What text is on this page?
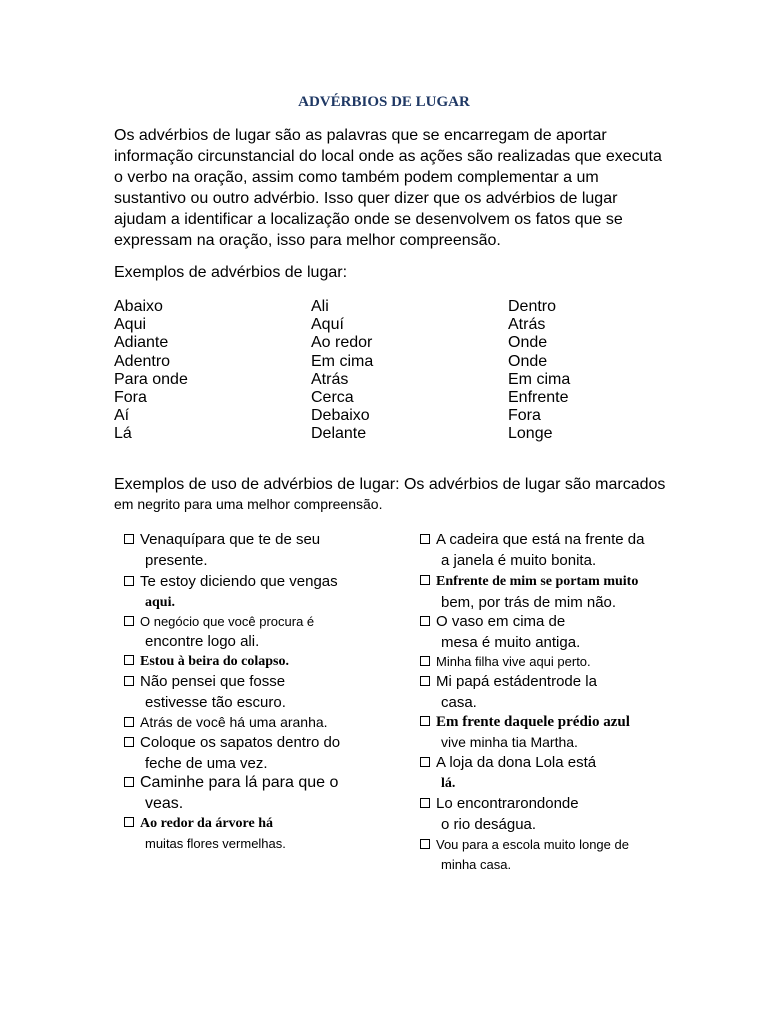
ADVÉRBIOS DE LUGAR
Os advérbios de lugar são as palavras que se encarregam de aportar informação circunstancial do local onde as ações são realizadas que executa o verbo na oração, assim como também podem complementar a um sustantivo ou outro advérbio. Isso quer dizer que os advérbios de lugar ajudam a identificar a localização onde se desenvolvem os fatos que se expressam na oração, isso para melhor compreensão.
Exemplos de advérbios de lugar:
Abaixo
Aqui
Adiante
Adentro
Para onde
Fora
Aí
Lá
Ali
Aquí
Ao redor
Em cima
Atrás
Cerca
Debaixo
Delante
Dentro
Atrás
Onde
Onde
Em cima
Enfrente
Fora
Longe
Exemplos de uso de advérbios de lugar: Os advérbios de lugar são marcados
em negrito para uma melhor compreensão.
Venaquípara que te de seu
presente.
Te estoy diciendo que vengas
aqui.
O negócio que você procura é
encontre logo ali.
Estou à beira do colapso.
Não pensei que fosse
estivesse tão escuro.
Atrás de você há uma aranha.
Coloque os sapatos dentro do
feche de uma vez.
Caminhe para lá para que o
veas.
Ao redor da árvore há
muitas flores vermelhas.
A cadeira que está na frente da
a janela é muito bonita.
Enfrente de mim se portam muito
bem, por trás de mim não.
O vaso em cima de
mesa é muito antiga.
Minha filha vive aqui perto.
Mi papá estádentrode la
casa.
Em frente daquele prédio azul
vive minha tia Martha.
A loja da dona Lola está
lá.
Lo encontrarondonde
o rio deságua.
Vou para a escola muito longe de
minha casa.
